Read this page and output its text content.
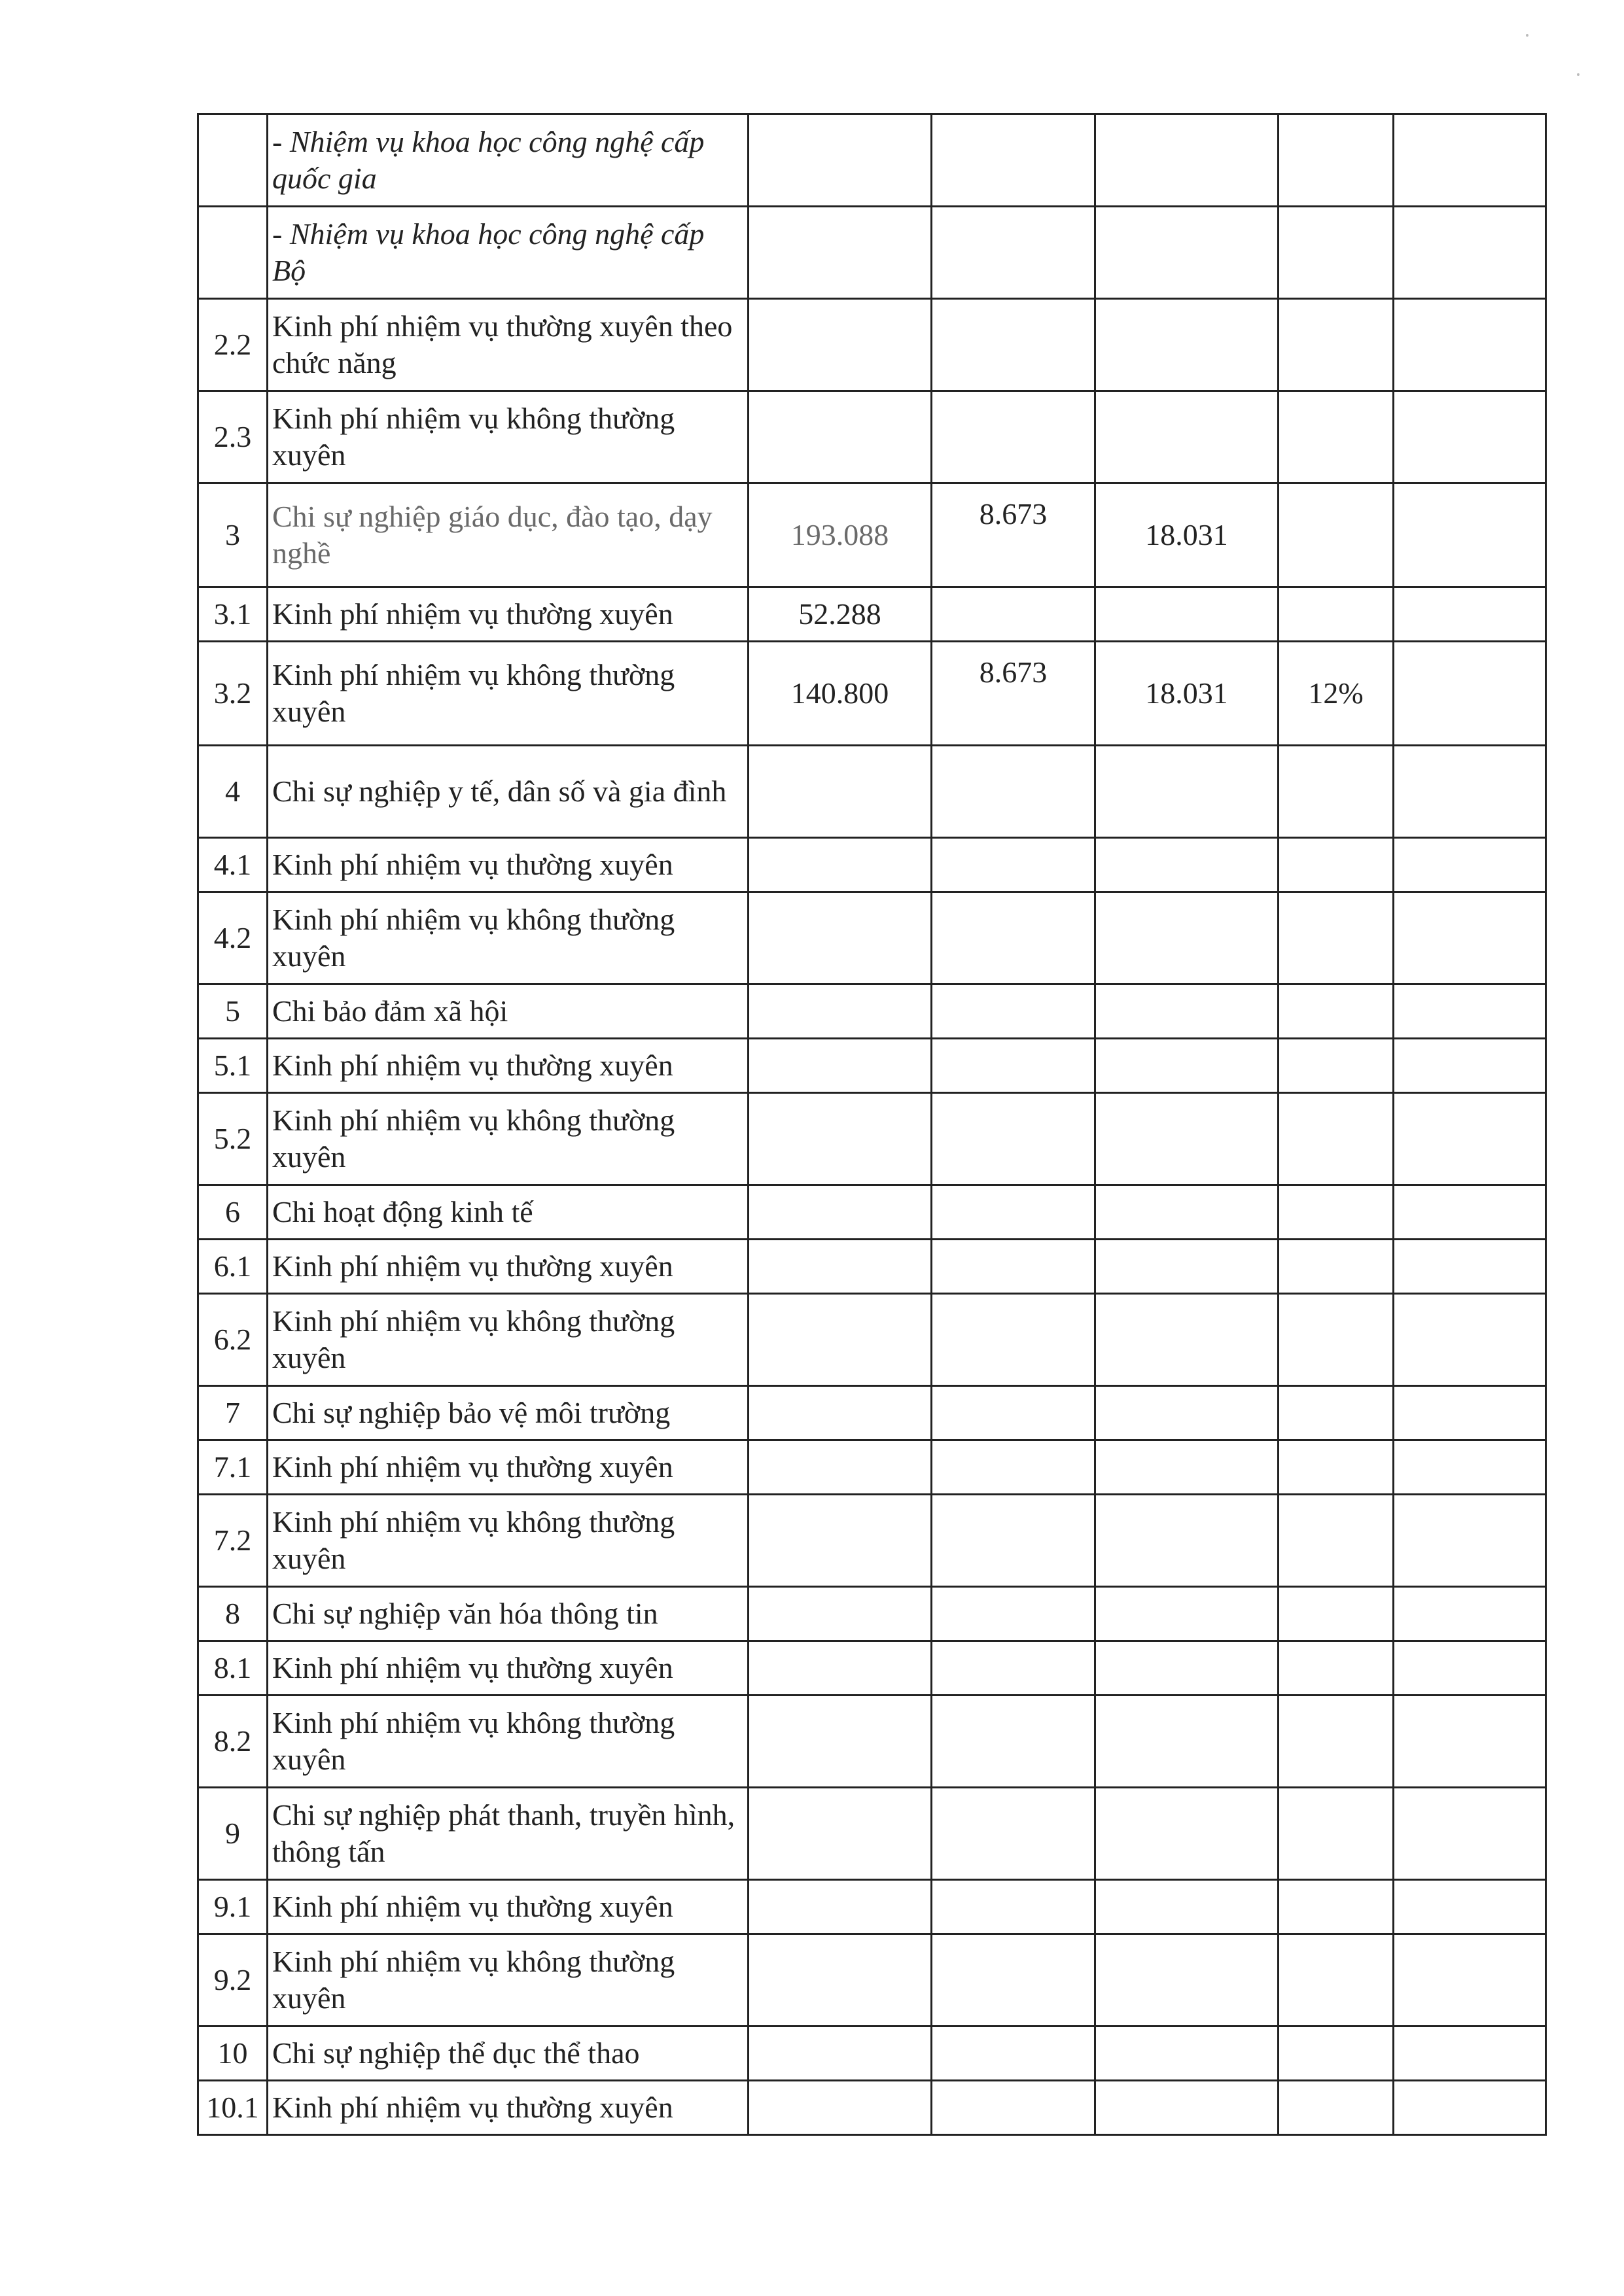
	- Nhiệm vụ khoa học công nghệ cấp quốc gia					
	- Nhiệm vụ khoa học công nghệ cấp Bộ					
2.2	Kinh phí nhiệm vụ thường xuyên theo chức năng					
2.3	Kinh phí nhiệm vụ không thường xuyên					
3	Chi sự nghiệp giáo dục, đào tạo, dạy nghề	193.088	8.673	18.031		
3.1	Kinh phí nhiệm vụ thường xuyên	52.288				
3.2	Kinh phí nhiệm vụ không thường xuyên	140.800	8.673	18.031	12%	
4	Chi sự nghiệp y tế, dân số và gia đình					
4.1	Kinh phí nhiệm vụ thường xuyên					
4.2	Kinh phí nhiệm vụ không thường xuyên					
5	Chi bảo đảm xã hội					
5.1	Kinh phí nhiệm vụ thường xuyên					
5.2	Kinh phí nhiệm vụ không thường xuyên					
6	Chi hoạt động kinh tế					
6.1	Kinh phí nhiệm vụ thường xuyên					
6.2	Kinh phí nhiệm vụ không thường xuyên					
7	Chi sự nghiệp bảo vệ môi trường					
7.1	Kinh phí nhiệm vụ thường xuyên					
7.2	Kinh phí nhiệm vụ không thường xuyên					
8	Chi sự nghiệp văn hóa thông tin					
8.1	Kinh phí nhiệm vụ thường xuyên					
8.2	Kinh phí nhiệm vụ không thường xuyên					
9	Chi sự nghiệp phát thanh, truyền hình, thông tấn					
9.1	Kinh phí nhiệm vụ thường xuyên					
9.2	Kinh phí nhiệm vụ không thường xuyên					
10	Chi sự nghiệp thể dục thể thao					
10.1	Kinh phí nhiệm vụ thường xuyên					
